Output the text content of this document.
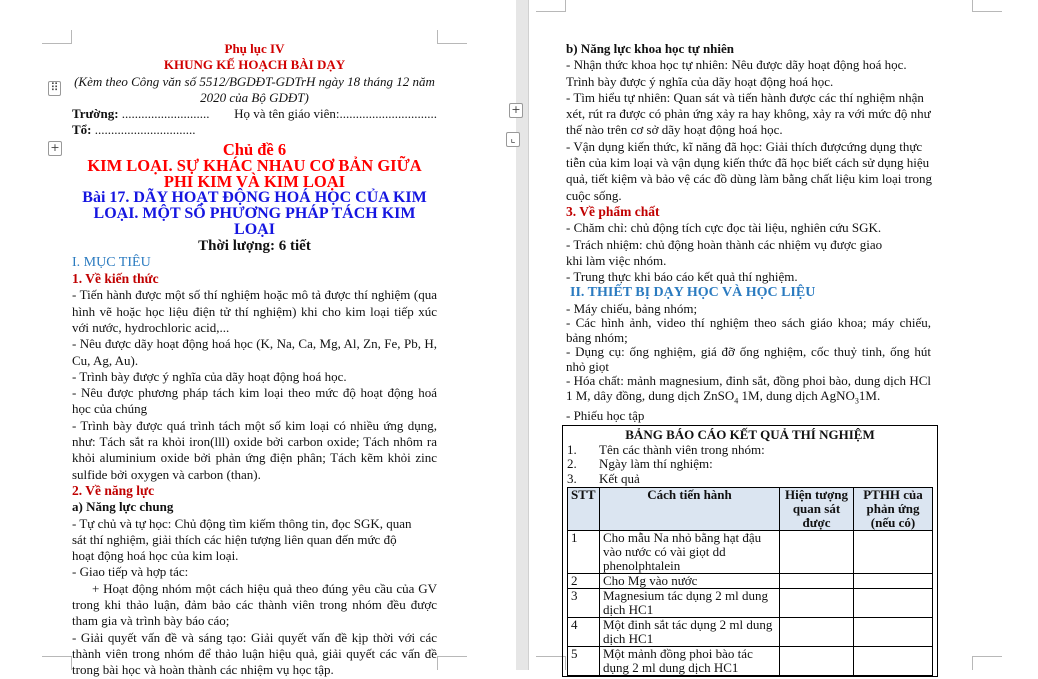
⠿
+
Phụ lục IV
KHUNG KẾ HOẠCH BÀI DẠY
(Kèm theo Công văn số 5512/BGDĐT-GDTrH ngày 18 tháng 12 năm 2020 của Bộ GDĐT)
Trường: ........................... Họ và tên giáo viên:..............................
Tổ: ...............................
Chủ đề 6
KIM LOẠI. SỰ KHÁC NHAU CƠ BẢN GIỮA PHI KIM VÀ KIM LOẠI
Bài 17. DÃY HOẠT ĐỘNG HOÁ HỌC CỦA KIM LOẠI. MỘT SỐ PHƯƠNG PHÁP TÁCH KIM LOẠI
Thời lượng: 6 tiết
I. MỤC TIÊU
1. Về kiến thức

- Tiến hành được một số thí nghiệm hoặc mô tả được thí nghiệm (qua hình vẽ hoặc học liệu điện tử thí nghiệm) khi cho kim loại tiếp xúc với nước, hydrochloric acid,...

- Nêu được dãy hoạt động hoá học (K, Na, Ca, Mg, Al, Zn, Fe, Pb, H, Cu, Ag, Au).

- Trình bày được ý nghĩa của dãy hoạt động hoá học.

- Nêu được phương pháp tách kim loại theo mức độ hoạt động hoá học của chúng

- Trình bày được quá trình tách một số kim loại có nhiều ứng dụng, như: Tách sắt ra khỏi iron(lll) oxide bởi carbon oxide; Tách nhôm ra khỏi aluminium oxide bởi phản ứng điện phân; Tách kẽm khỏi zinc sulfide bởi oxygen và carbon (than).

2. Về năng lực
a) Năng lực chung

- Tự chủ và tự học: Chủ động tìm kiếm thông tin, đọc SGK, quan sát thí nghiệm, giải thích các hiện tượng liên quan đến mức độ hoạt động hoá học của kim loại.

- Giao tiếp và hợp tác:

+ Hoạt động nhóm một cách hiệu quả theo đúng yêu cầu của GV trong khi thảo luận, đảm bảo các thành viên trong nhóm đều được tham gia và trình bày báo cáo;

- Giải quyết vấn đề và sáng tạo: Giải quyết vấn đề kịp thời với các thành viên trong nhóm để thảo luận hiệu quả, giải quyết các vấn đề trong bài học và hoàn thành các nhiệm vụ học tập.

+
⌞
b) Năng lực khoa học tự nhiên

- Nhận thức khoa học tự nhiên: Nêu được dãy hoạt động hoá học. Trình bày được ý nghĩa của dãy hoạt động hoá học.

- Tìm hiểu tự nhiên: Quan sát và tiến hành được các thí nghiệm nhận xét, rút ra được có phản ứng xảy ra hay không, xảy ra với mức độ như thế nào trên cơ sở dãy hoạt động hoá học.

- Vận dụng kiến thức, kĩ năng đã học: Giải thích đượcứng dụng thực tiễn của kim loại và vận dụng kiến thức đã học biết cách sử dụng hiệu quả, tiết kiệm và bảo vệ các đồ dùng làm bằng chất liệu kim loại trong cuộc sống.

3. Về phẩm chất

- Chăm chỉ: chủ động tích cực đọc tài liệu, nghiên cứu SGK.

- Trách nhiệm: chủ động hoàn thành các nhiệm vụ được giao khi làm việc nhóm.

- Trung thực khi báo cáo kết quả thí nghiệm.

II. THIẾT BỊ DẠY HỌC VÀ HỌC LIỆU

- Máy chiếu, bảng nhóm;

- Các hình ảnh, video thí nghiệm theo sách giáo khoa; máy chiếu, bảng nhóm;

- Dụng cụ: ống nghiệm, giá đỡ ống nghiệm, cốc thuỷ tinh, ống hút nhỏ giọt

- Hóa chất: mảnh magnesium, đinh sắt, đồng phoi bào, dung dịch HCl 1 M, dây đồng, dung dịch ZnSO$_4$ 1M, dung dịch AgNO$_3$1M.

- Phiếu học tập

BẢNG BÁO CÁO KẾT QUẢ THÍ NGHIỆM
1. Tên các thành viên trong nhóm:
2. Ngày làm thí nghiệm:
3. Kết quả
STT	Cách tiến hành	Hiện tượng quan sát được	PTHH của phản ứng (nếu có)
1	Cho mẫu Na nhỏ bằng hạt đậu vào nước có vài giọt dd phenolphtalein		
2	Cho Mg vào nước		
3	Magnesium tác dụng 2 ml dung dịch HC1		
4	Một đinh sắt tác dụng 2 ml dung dịch HC1		
5	Một mảnh đồng phoi bào tác dụng 2 ml dung dịch HC1		
